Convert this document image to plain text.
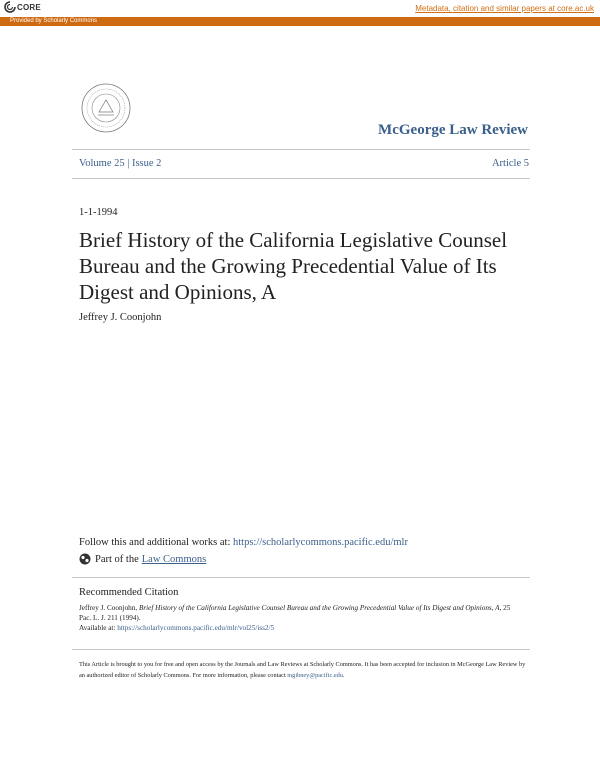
CORE	Metadata, citation and similar papers at core.ac.uk
Provided by Scholarly Commons
McGeorge Law Review
Volume 25 | Issue 2	Article 5
1-1-1994
Brief History of the California Legislative Counsel Bureau and the Growing Precedential Value of Its Digest and Opinions, A
Jeffrey J. Coonjohn
Follow this and additional works at: https://scholarlycommons.pacific.edu/mlr
Part of the Law Commons
Recommended Citation
Jeffrey J. Coonjohn, Brief History of the California Legislative Counsel Bureau and the Growing Precedential Value of Its Digest and Opinions, A, 25 Pac. L. J. 211 (1994).
Available at: https://scholarlycommons.pacific.edu/mlr/vol25/iss2/5
This Article is brought to you for free and open access by the Journals and Law Reviews at Scholarly Commons. It has been accepted for inclusion in McGeorge Law Review by an authorized editor of Scholarly Commons. For more information, please contact mgibney@pacific.edu.
